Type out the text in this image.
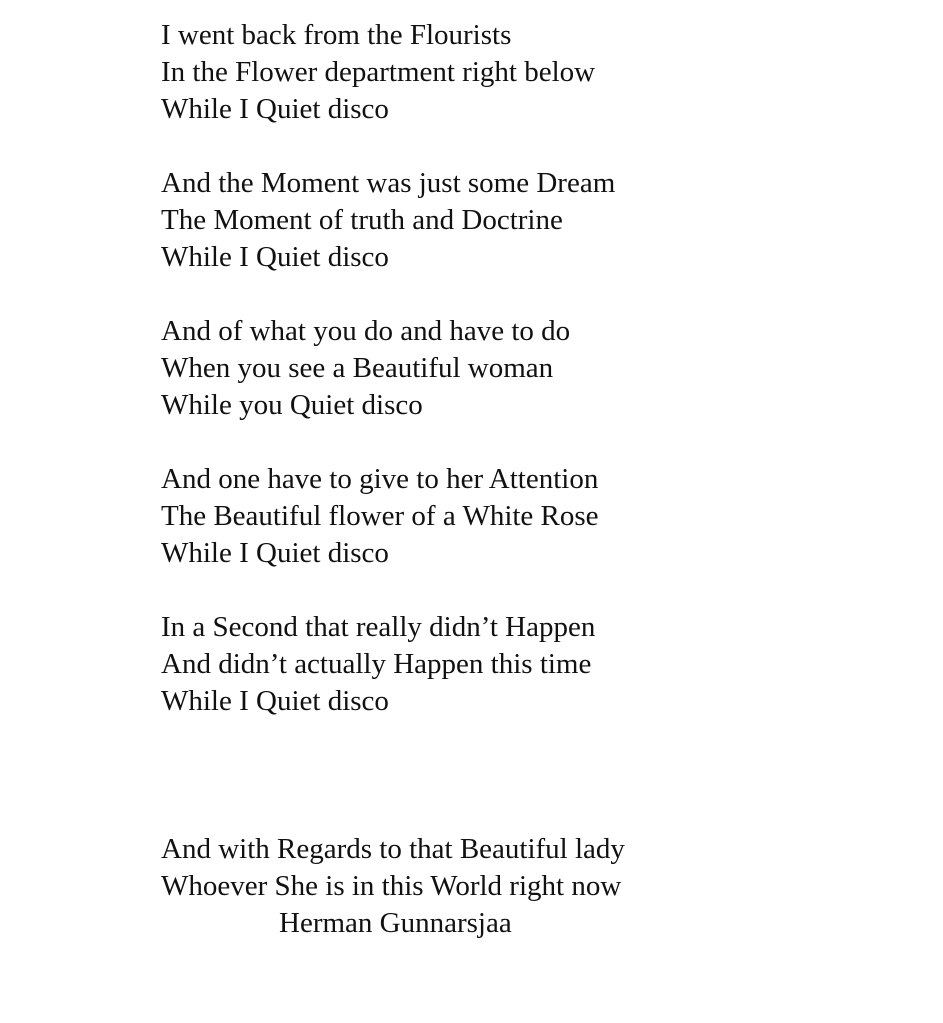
I went back from the Flourists

In the Flower department right below

While I Quiet disco

And the Moment was just some Dream

The Moment of truth and Doctrine

While I Quiet disco

And of what you do and have to do

When you see a Beautiful woman

While you Quiet disco

And one have to give to her Attention

The Beautiful flower of a White Rose

While I Quiet disco

In a Second that really didn’t Happen

And didn’t actually Happen this time

While I Quiet disco

And with Regards to that Beautiful lady

Whoever She is in this World right now

Herman Gunnarsjaa
